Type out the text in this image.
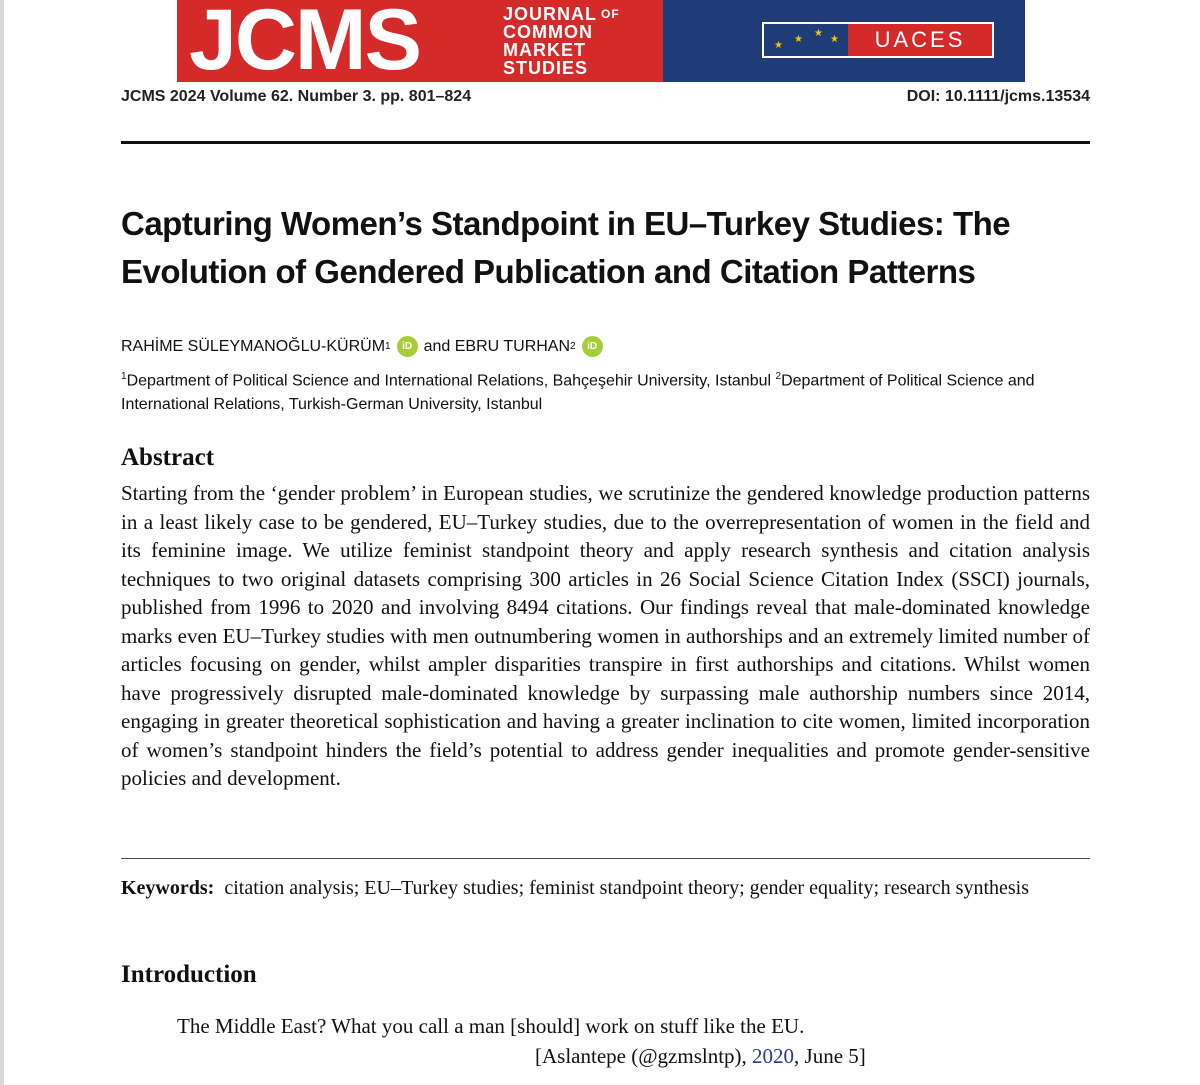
JCMS	JOURNAL $^{OF}$
COMMON
MARKET
STUDIES
★
★
★
★	UACES
JCMS 2024 Volume 62. Number 3. pp. 801–824	DOI: 10.1111/jcms.13534
Capturing Women’s Standpoint in EU–Turkey Studies: The
Evolution of Gendered Publication and Citation Patterns
RAHİME SÜLEYMANOĞLU-KÜRÜM 1	iD and
EBRU TURHAN 2	iD
$^1$Department of Political Science and International Relations, Bahçeşehir University, Istanbul $^2$Department of Political Science and International Relations, Turkish-German University, Istanbul
Abstract

Starting from the ‘gender problem’ in European studies, we scrutinize the gendered knowledge production patterns in a least likely case to be gendered, EU–Turkey studies, due to the overrepresentation of women in the field and its feminine image. We utilize feminist standpoint theory and apply research synthesis and citation analysis techniques to two original datasets comprising 300 articles in 26 Social Science Citation Index (SSCI) journals, published from 1996 to 2020 and involving 8494 citations. Our findings reveal that male-dominated knowledge marks even EU–Turkey studies with men outnumbering women in authorships and an extremely limited number of articles focusing on gender, whilst ampler disparities transpire in first authorships and citations. Whilst women have progressively disrupted male-dominated knowledge by surpassing male authorship numbers since 2014, engaging in greater theoretical sophistication and having a greater inclination to cite women, limited incorporation of women’s standpoint hinders the field’s potential to address gender inequalities and promote gender-sensitive policies and development.

Keywords: citation analysis; EU–Turkey studies; feminist standpoint theory; gender equality; research synthesis

Introduction

The Middle East? What you call a man [should] work on stuff like the EU.

[Aslantepe (@gzmslntp), 2020, June 5]
